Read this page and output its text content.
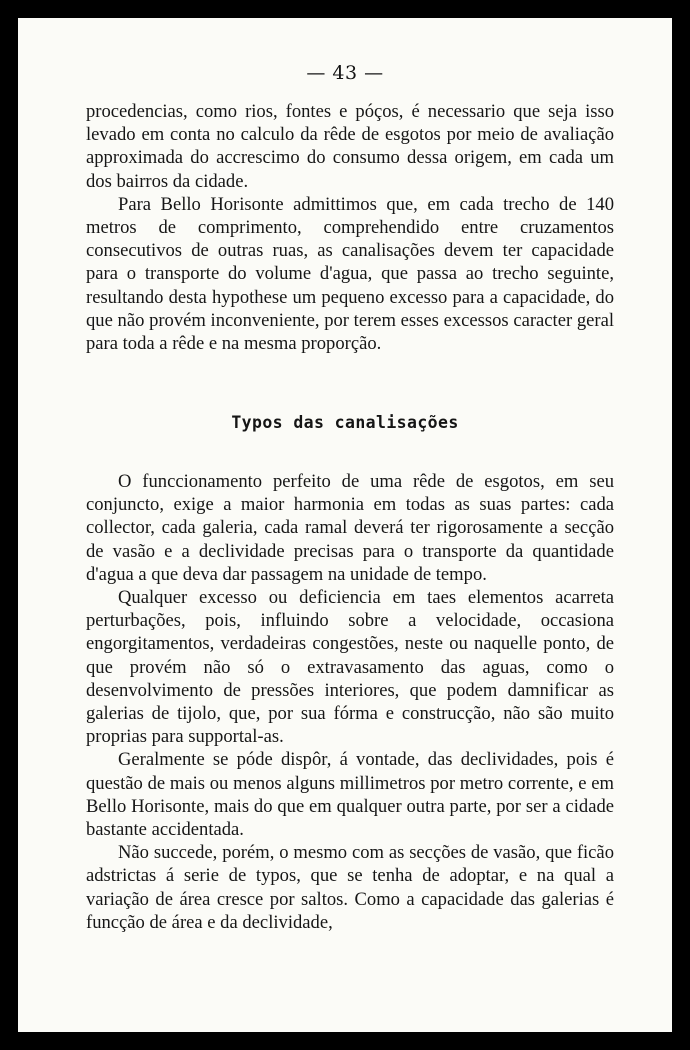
— 43 —

procedencias, como rios, fontes e póços, é necessario que seja isso levado em conta no calculo da rêde de esgotos por meio de avaliação approximada do accrescimo do consumo dessa origem, em cada um dos bairros da cidade.

Para Bello Horisonte admittimos que, em cada trecho de 140 metros de comprimento, comprehendido entre cruzamentos consecutivos de outras ruas, as canalisações devem ter capacidade para o transporte do volume d'agua, que passa ao trecho seguinte, resultando desta hypothese um pequeno excesso para a capacidade, do que não provém inconveniente, por terem esses excessos caracter geral para toda a rêde e na mesma proporção.

Typos das canalisações

O funccionamento perfeito de uma rêde de esgotos, em seu conjuncto, exige a maior harmonia em todas as suas partes: cada collector, cada galeria, cada ramal deverá ter rigorosamente a secção de vasão e a declividade precisas para o transporte da quantidade d'agua a que deva dar passagem na unidade de tempo.

Qualquer excesso ou deficiencia em taes elementos acarreta perturbações, pois, influindo sobre a velocidade, occasiona engorgitamentos, verdadeiras congestões, neste ou naquelle ponto, de que provém não só o extravasamento das aguas, como o desenvolvimento de pressões interiores, que podem damnificar as galerias de tijolo, que, por sua fórma e construcção, não são muito proprias para supportal-as.

Geralmente se póde dispôr, á vontade, das declividades, pois é questão de mais ou menos alguns millimetros por metro corrente, e em Bello Horisonte, mais do que em qualquer outra parte, por ser a cidade bastante accidentada.

Não succede, porém, o mesmo com as secções de vasão, que ficão adstrictas á serie de typos, que se tenha de adoptar, e na qual a variação de área cresce por saltos. Como a capacidade das galerias é funcção de área e da declividade,
